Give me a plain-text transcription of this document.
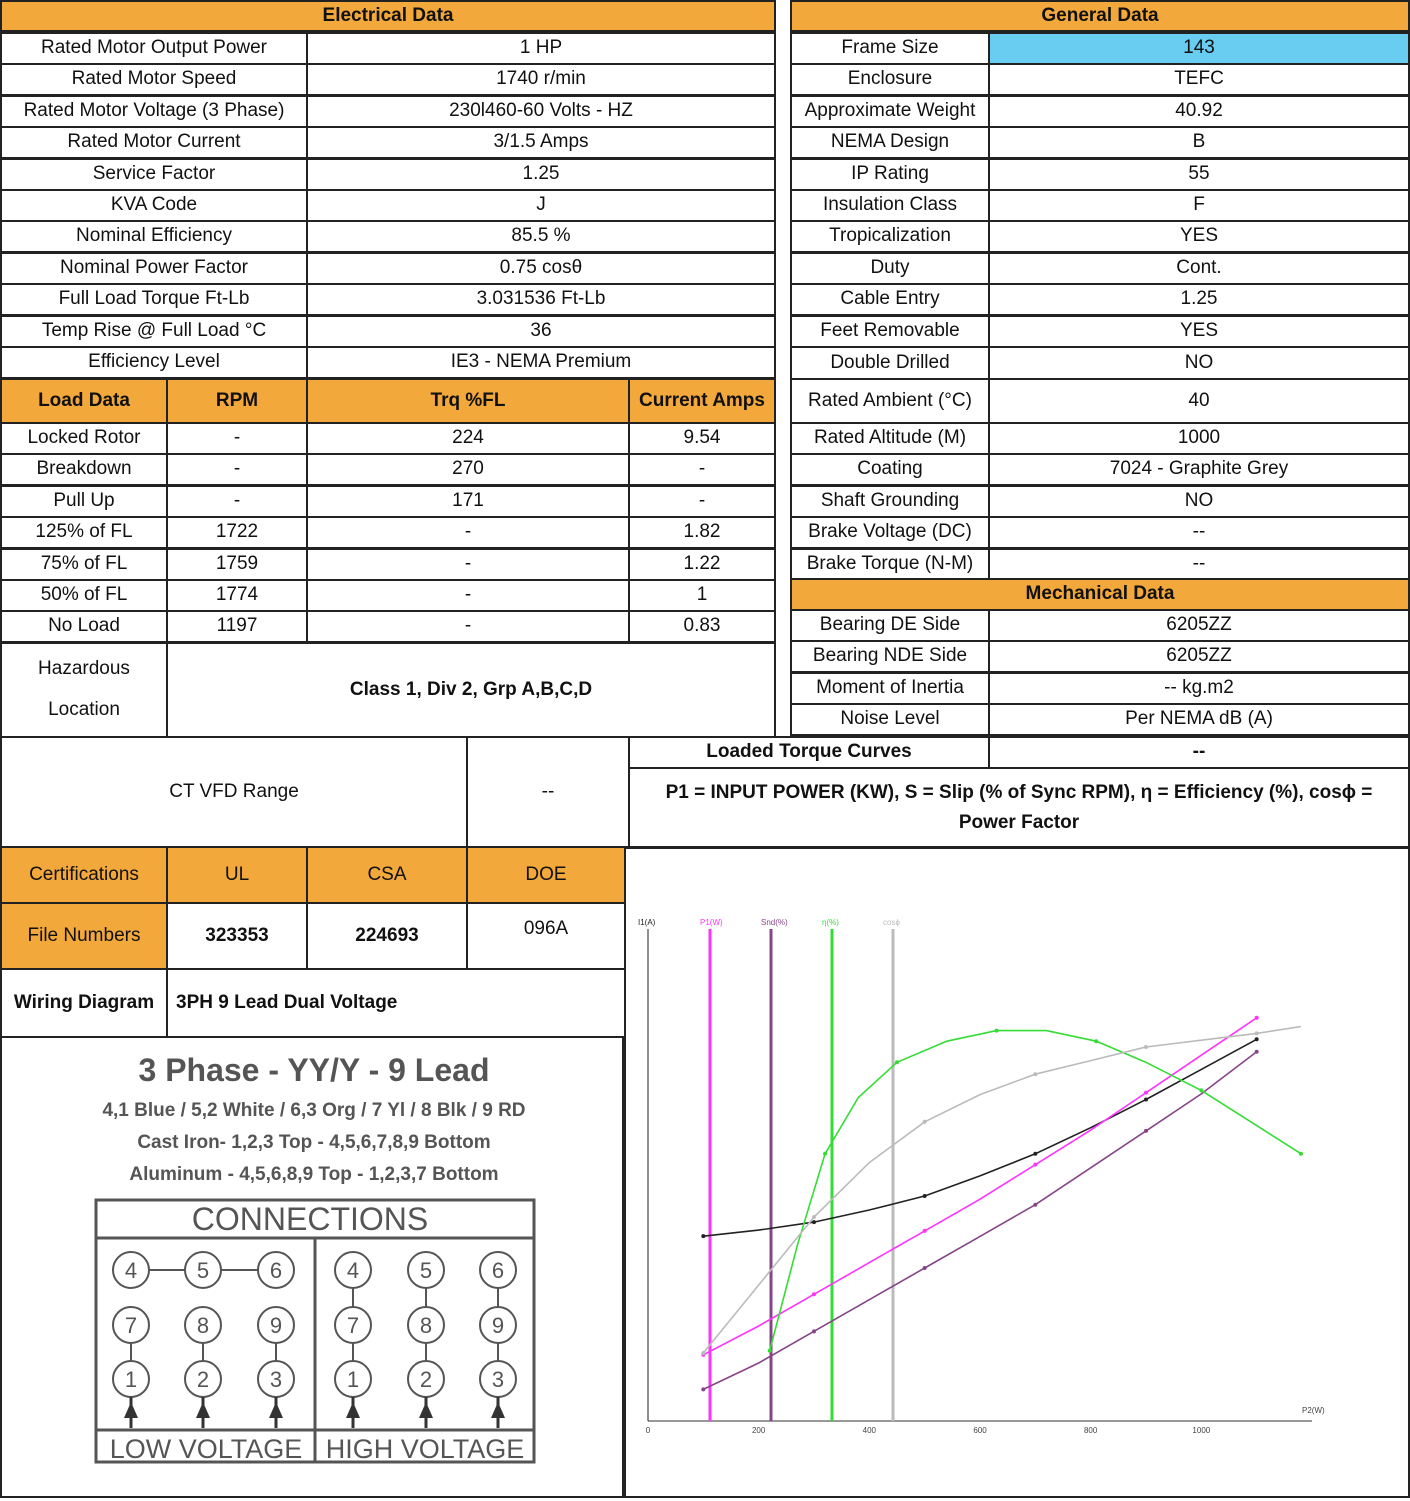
Electrical Data
Rated Motor Output Power	1 HP
Rated Motor Speed	1740 r/min
Rated Motor Voltage (3 Phase)	230l460-60 Volts - HZ
Rated Motor Current	3/1.5 Amps
Service Factor	1.25
KVA Code	J
Nominal Efficiency	85.5 %
Nominal Power Factor	0.75 cosθ
Full Load Torque Ft-Lb	3.031536 Ft-Lb
Temp Rise @ Full Load °C	36
Efficiency Level	IE3 - NEMA Premium
General Data
Frame Size	143
Enclosure	TEFC
Approximate Weight	40.92
NEMA Design	B
IP Rating	55
Insulation Class	F
Tropicalization	YES
Duty	Cont.
Cable Entry	1.25
Feet Removable	YES
Double Drilled	NO
Rated Ambient (°C)	40
Rated Altitude (M)	1000
Coating	7024 - Graphite Grey
Shaft Grounding	NO
Brake Voltage (DC)	--
Brake Torque (N-M)	--
Mechanical Data
Bearing DE Side	6205ZZ
Bearing NDE Side	6205ZZ
Moment of Inertia	-- kg.m2
Noise Level	Per NEMA dB (A)
Load Data	RPM	Trq %FL	Current Amps
Locked Rotor	-	224	9.54
Breakdown	-	270	-
Pull Up	-	171	-
125% of FL	1722	-	1.82
75% of FL	1759	-	1.22
50% of FL	1774	-	1
No Load	1197	-	0.83
Hazardous
Location
Class 1, Div 2, Grp A,B,C,D
CT VFD Range	--
Loaded Torque Curves	--
P1 = INPUT POWER (KW), S = Slip (% of Sync RPM), η = Efficiency (%), cosϕ = Power Factor
Certifications	UL	CSA	DOE
File Numbers	323353	224693	096A
Wiring Diagram	3PH 9 Lead Dual Voltage
0	200	400	600	800	1000
P2(W)
I1(A)	P1(W)	Snd(%)	η(%)	cosϕ
3 Phase - YY/Y - 9 Lead
4,1 Blue / 5,2 White / 6,3 Org / 7 Yl / 8 Blk / 9 RD
Cast Iron- 1,2,3 Top - 4,5,6,7,8,9 Bottom
Aluminum - 4,5,6,8,9 Top - 1,2,3,7 Bottom
CONNECTIONS
LOW VOLTAGE HIGH VOLTAGE
4	5	6
7	8	9
1	2	3
4	5	6
7	8	9
1	2	3
